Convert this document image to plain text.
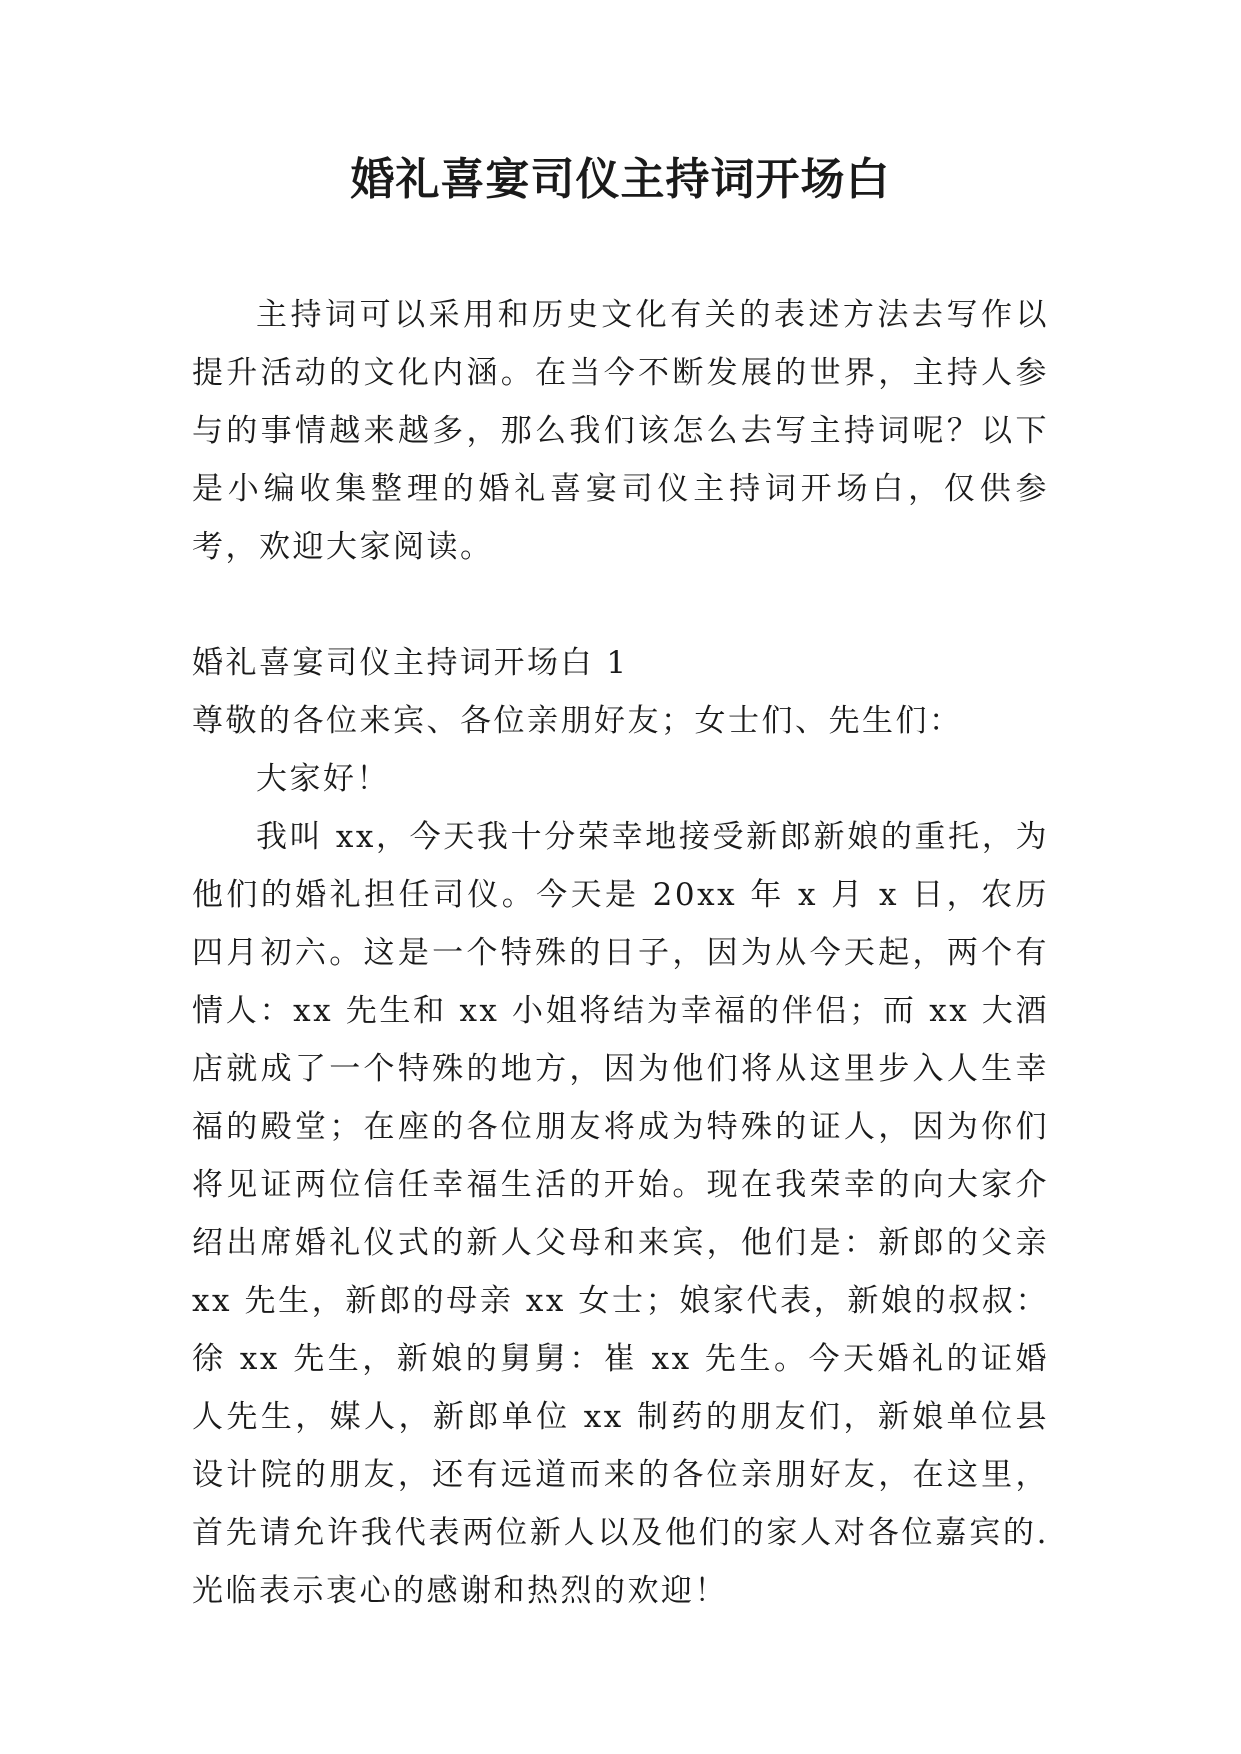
婚礼喜宴司仪主持词开场白

主持词可以采用和历史文化有关的表述方法去写作以提升活动的文化内涵。在当今不断发展的世界，主持人参与的事情越来越多，那么我们该怎么去写主持词呢？以下是小编收集整理的婚礼喜宴司仪主持词开场白，仅供参考，欢迎大家阅读。

婚礼喜宴司仪主持词开场白 1

尊敬的各位来宾、各位亲朋好友；女士们、先生们：

大家好！

我叫 xx，今天我十分荣幸地接受新郎新娘的重托，为他们的婚礼担任司仪。今天是 20xx 年 x 月 x 日，农历四月初六。这是一个特殊的日子，因为从今天起，两个有情人：xx 先生和 xx 小姐将结为幸福的伴侣；而 xx 大酒店就成了一个特殊的地方，因为他们将从这里步入人生幸福的殿堂；在座的各位朋友将成为特殊的证人，因为你们将见证两位信任幸福生活的开始。现在我荣幸的向大家介绍出席婚礼仪式的新人父母和来宾，他们是：新郎的父亲 xx 先生，新郎的母亲 xx 女士；娘家代表，新娘的叔叔：徐 xx 先生，新娘的舅舅：崔 xx 先生。今天婚礼的证婚人先生，媒人，新郎单位 xx 制药的朋友们，新娘单位县设计院的朋友，还有远道而来的各位亲朋好友，在这里，首先请允许我代表两位新人以及他们的家人对各位嘉宾的.光临表示衷心的感谢和热烈的欢迎！
